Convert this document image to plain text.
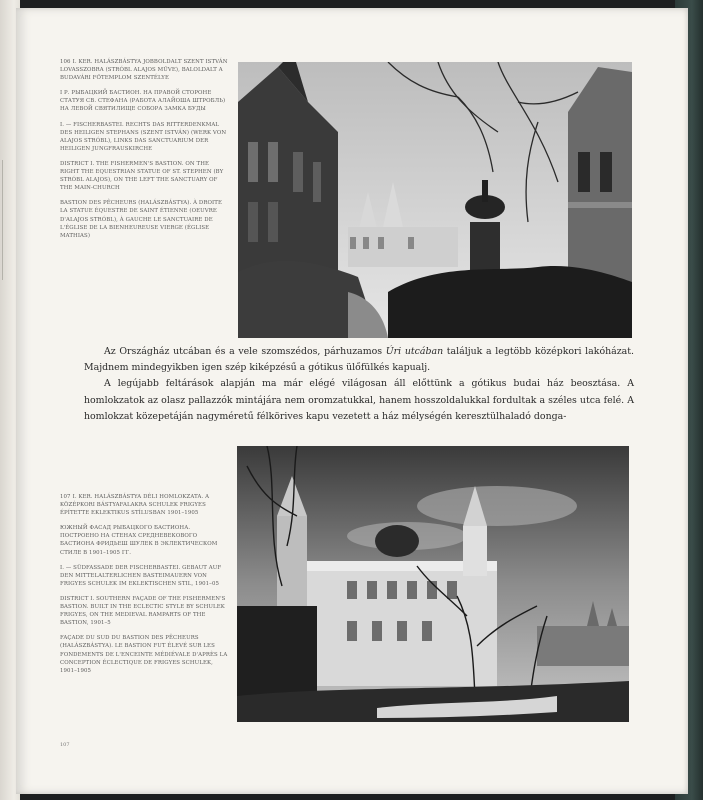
106 I. KER. HALÁSZBÁSTYA JOBBOLDALT SZENT ISTVÁN LOVASSZOBRA (STRÓBL ALAJOS MŰVE), BALOLDALT A BUDAVÁRI FŐTEMPLOM SZENTÉLYE

I Р. РЫБАЦКИЙ БАСТИОН. НА ПРАВОЙ СТОРОНЕ СТАТУЯ СВ. СТЕФАНА (РАБОТА АЛАЙОША ШТРОБЛЬ) НА ЛЕВОЙ СВЯТИЛИЩЕ СОБОРА ЗАМКА БУДЫ

I. — FISCHERBASTEI. RECHTS DAS RITTERDENKMAL DES HEILIGEN STEPHANS (SZENT ISTVÁN) (WERK VON ALAJOS STRÓBL), LINKS DAS SANCTUARIUM DER HEILIGEN JUNGFRAUSKIRCHE

DISTRICT I. THE FISHERMEN'S BASTION. ON THE RIGHT THE EQUESTRIAN STATUE OF ST. STEPHEN (BY STRÓBL ALAJOS), ON THE LEFT THE SANCTUARY OF THE MAIN-CHURCH

BASTION DES PÊCHEURS (HALÁSZBÁSTYA). À DROITE LA STATUE ÉQUESTRE DE SAINT ÉTIENNE (OEUVRE D'ALAJOS STRÓBL), À GAUCHE LE SANCTUAIRE DE L'ÉGLISE DE LA BIENHEUREUSE VIERGE (ÉGLISE MATHIAS)

Az Országház utcában és a vele szomszédos, párhuzamos Úri utcában találjuk a legtöbb középkori lakóházat. Majdnem mindegyikben igen szép kiképzésű a gótikus ülőfülkés kapualj.

A legújabb feltárások alapján ma már elégé világosan áll előttünk a gótikus budai ház beosztása. A homlokzatok az olasz pallazzók mintájára nem oromzatukkal, hanem hosszoldalukkal fordultak a széles utca felé. A homlokzat közepetáján nagyméretű félkörives kapu vezetett a ház mélységén keresztülhaladó donga-

107 I. KER. HALÁSZBÁSTYA DÉLI HOMLOKZATA. A KÖZÉPKORI BÁSTYAFALAKRA SCHULEK FRIGYES ÉPÍTETTE EKLEKTIKUS STÍLUSBAN 1901–1905

ЮЖНЫЙ ФАСАД РЫБАЦКОГО БАСТИОНА. ПОСТРОЕНО НА СТЕНАХ СРЕДНЕВЕКОВОГО БАСТИОНА ФРИДЬЕШ ШУЛЕК В ЭКЛЕКТИЧЕСКОМ СТИЛЕ В 1901–1905 ГГ.

I. — SÜDFASSADE DER FISCHERBASTEI. GEBAUT AUF DEN MITTELALTERLICHEN BASTEIMAUERN VON FRIGYES SCHULEK IM EKLEKTISCHEN STIL, 1901–05

DISTRICT I. SOUTHERN FAÇADE OF THE FISHERMEN'S BASTION. BUILT IN THE ECLECTIC STYLE BY SCHULEK FRIGYES, ON THE MEDIEVAL RAMPARTS OF THE BASTION, 1901–5

FAÇADE DU SUD DU BASTION DES PÊCHEURS (HALÁSZBÁSTYA). LE BASTION FUT ÉLEVÉ SUR LES FONDEMENTS DE L'ENCEINTE MÉDIÉVALE D'APRÈS LA CONCEPTION ÉCLECTIQUE DE FRIGYES SCHULEK, 1901–1905

107
